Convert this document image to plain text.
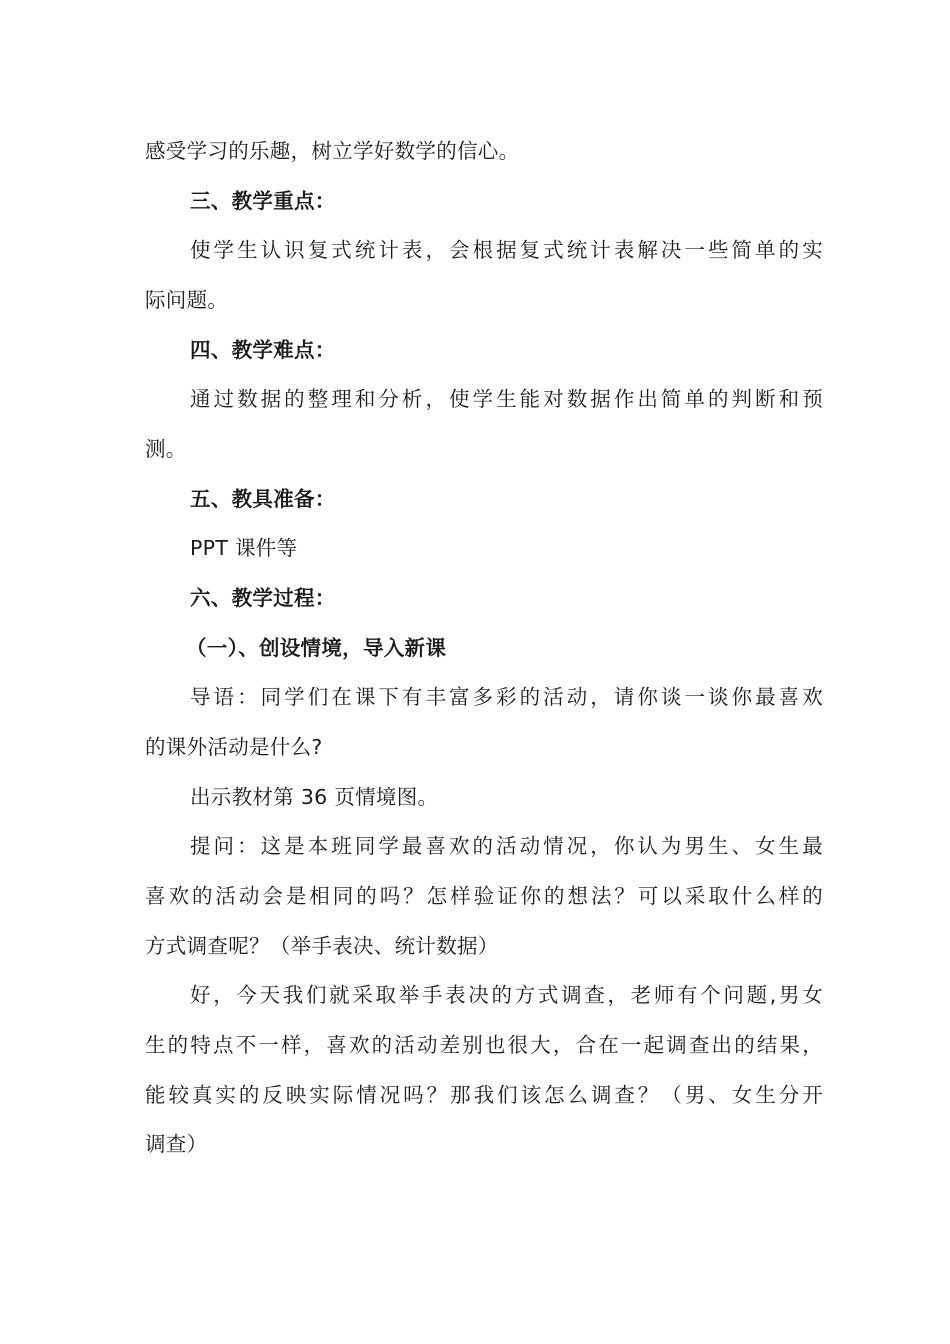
感受学习的乐趣，树立学好数学的信心。
三、教学重点：
使学生认识复式统计表，会根据复式统计表解决一些简单的实
际问题。
四、教学难点：
通过数据的整理和分析，使学生能对数据作出简单的判断和预
测。
五、教具准备：
PPT 课件等
六、教学过程：
（一）、创设情境，导入新课
导语：同学们在课下有丰富多彩的活动，请你谈一谈你最喜欢
的课外活动是什么?
出示教材第 36 页情境图。
提问：这是本班同学最喜欢的活动情况，你认为男生、女生最
喜欢的活动会是相同的吗？怎样验证你的想法？可以采取什么样的
方式调查呢？（举手表决、统计数据）
好，今天我们就采取举手表决的方式调查，老师有个问题,男女
生的特点不一样，喜欢的活动差别也很大，合在一起调查出的结果，
能较真实的反映实际情况吗？那我们该怎么调查？（男、女生分开
调查）
